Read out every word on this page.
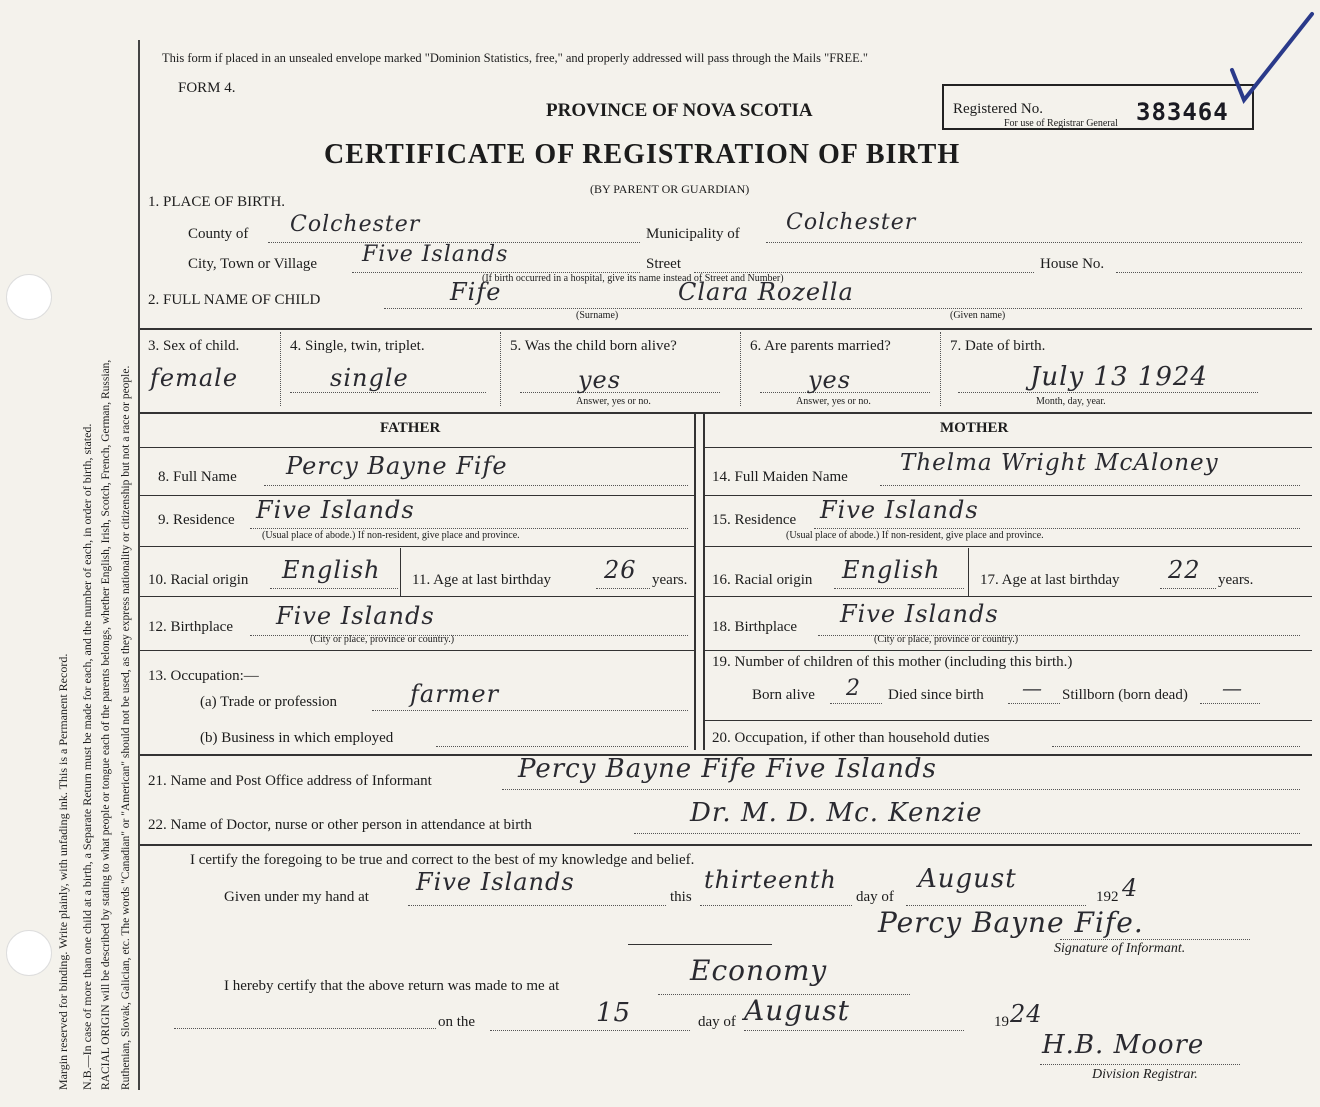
Margin reserved for binding. Write plainly, with unfading ink. This is a Permanent Record. N.B.—In case of more than one child at a birth, a Separate Return must be made for each, and the number of each, in order of birth, stated. RACIAL ORIGIN will be described by stating to what people or tongue each of the parents belongs, whether English, Irish, Scotch, French, German, Russian, Ruthenian, Slovak, Galician, etc. The words "Canadian" or "American" should not be used, as they express nationality or citizenship but not a race or people.
This form if placed in an unsealed envelope marked "Dominion Statistics, free," and properly addressed will pass through the Mails "FREE."
FORM 4.
PROVINCE OF NOVA SCOTIA	Registered No.
For use of Registrar General 383464
CERTIFICATE OF REGISTRATION OF BIRTH
(BY PARENT OR GUARDIAN)
1. PLACE OF BIRTH.
County of Colchester	Municipality of Colchester
City, Town or Village Five Islands	Street	House No.
(If birth occurred in a hospital, give its name instead of Street and Number)
2. FULL NAME OF CHILD	Fife
(Surname)
Clara Rozella
(Given name)
3. Sex of child.
female
4. Single, twin, triplet.
single
5. Was the child born alive?
yes
Answer, yes or no.
6. Are parents married?
yes
Answer, yes or no.
7. Date of birth.
July 13 1924
Month, day, year.
FATHER	MOTHER
8. Full Name Percy Bayne Fife
9. Residence Five Islands
(Usual place of abode.) If non-resident, give place and province.
10. Racial origin English 11. Age at last birthday 26 years.
12. Birthplace Five Islands
(City or place, province or country.)
13. Occupation:—
(a) Trade or profession	farmer
(b) Business in which employed
14. Full Maiden Name
Thelma Wright McAloney
15. Residence Five Islands
(Usual place of abode.) If non-resident, give place and province.
16. Racial origin English	17. Age at last birthday 22 years.
18. Birthplace Five Islands
(City or place, province or country.)
19. Number of children of this mother (including this birth.)
Born alive 2 Died since birth — Stillborn (born dead) —
20. Occupation, if other than household duties
21. Name and Post Office address of Informant	Percy Bayne Fife Five Islands
22. Name of Doctor, nurse or other person in attendance at birth	Dr. M. D. Mc. Kenzie
I certify the foregoing to be true and correct to the best of my knowledge and belief.
Given under my hand at
Five Islands
this
thirteenth
day of
August
192 4
Percy Bayne Fife.
Signature of Informant.
I hereby certify that the above return was made to me at	Economy
on the	15	day of August	19 24
H.B. Moore
Division Registrar.
